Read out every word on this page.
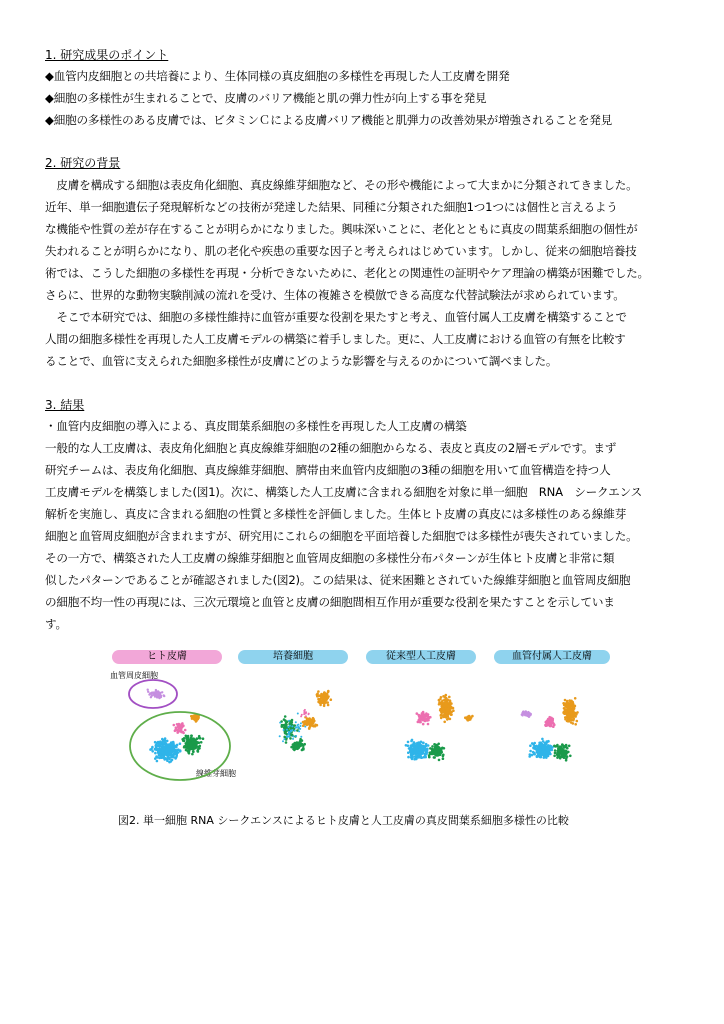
1. 研究成果のポイント
◆血管内皮細胞との共培養により、生体同様の真皮細胞の多様性を再現した人工皮膚を開発
◆細胞の多様性が生まれることで、皮膚のバリア機能と肌の弾力性が向上する事を発見
◆細胞の多様性のある皮膚では、ビタミンＣによる皮膚バリア機能と肌弾力の改善効果が増強されることを発見
2. 研究の背景
　皮膚を構成する細胞は表皮角化細胞、真皮線維芽細胞など、その形や機能によって大まかに分類されてきました。
近年、単一細胞遺伝子発現解析などの技術が発達した結果、同種に分類された細胞1つ1つには個性と言えるよう
な機能や性質の差が存在することが明らかになりました。興味深いことに、老化とともに真皮の間葉系細胞の個性が
失われることが明らかになり、肌の老化や疾患の重要な因子と考えられはじめています。しかし、従来の細胞培養技
術では、こうした細胞の多様性を再現・分析できないために、老化との関連性の証明やケア理論の構築が困難でした。
さらに、世界的な動物実験削減の流れを受け、生体の複雑さを模倣できる高度な代替試験法が求められています。
　そこで本研究では、細胞の多様性維持に血管が重要な役割を果たすと考え、血管付属人工皮膚を構築することで
人間の細胞多様性を再現した人工皮膚モデルの構築に着手しました。更に、人工皮膚における血管の有無を比較す
ることで、血管に支えられた細胞多様性が皮膚にどのような影響を与えるのかについて調べました。
3. 結果
・血管内皮細胞の導入による、真皮間葉系細胞の多様性を再現した人工皮膚の構築
一般的な人工皮膚は、表皮角化細胞と真皮線維芽細胞の2種の細胞からなる、表皮と真皮の2層モデルです。まず
研究チームは、表皮角化細胞、真皮線維芽細胞、臍帯由来血管内皮細胞の3種の細胞を用いて血管構造を持つ人
工皮膚モデルを構築しました(図1)。次に、構築した人工皮膚に含まれる細胞を対象に単一細胞　RNA　シークエンス
解析を実施し、真皮に含まれる細胞の性質と多様性を評価しました。生体ヒト皮膚の真皮には多様性のある線維芽
細胞と血管周皮細胞が含まれますが、研究用にこれらの細胞を平面培養した細胞では多様性が喪失されていました。
その一方で、構築された人工皮膚の線維芽細胞と血管周皮細胞の多様性分布パターンが生体ヒト皮膚と非常に類
似したパターンであることが確認されました(図2)。この結果は、従来困難とされていた線維芽細胞と血管周皮細胞
の細胞不均一性の再現には、三次元環境と血管と皮膚の細胞間相互作用が重要な役割を果たすことを示していま
す。
ヒト皮膚	培養細胞	従来型人工皮膚	血管付属人工皮膚
血管周皮細胞
線維芽細胞
図2. 単一細胞 RNA シークエンスによるヒト皮膚と人工皮膚の真皮間葉系細胞多様性の比較
